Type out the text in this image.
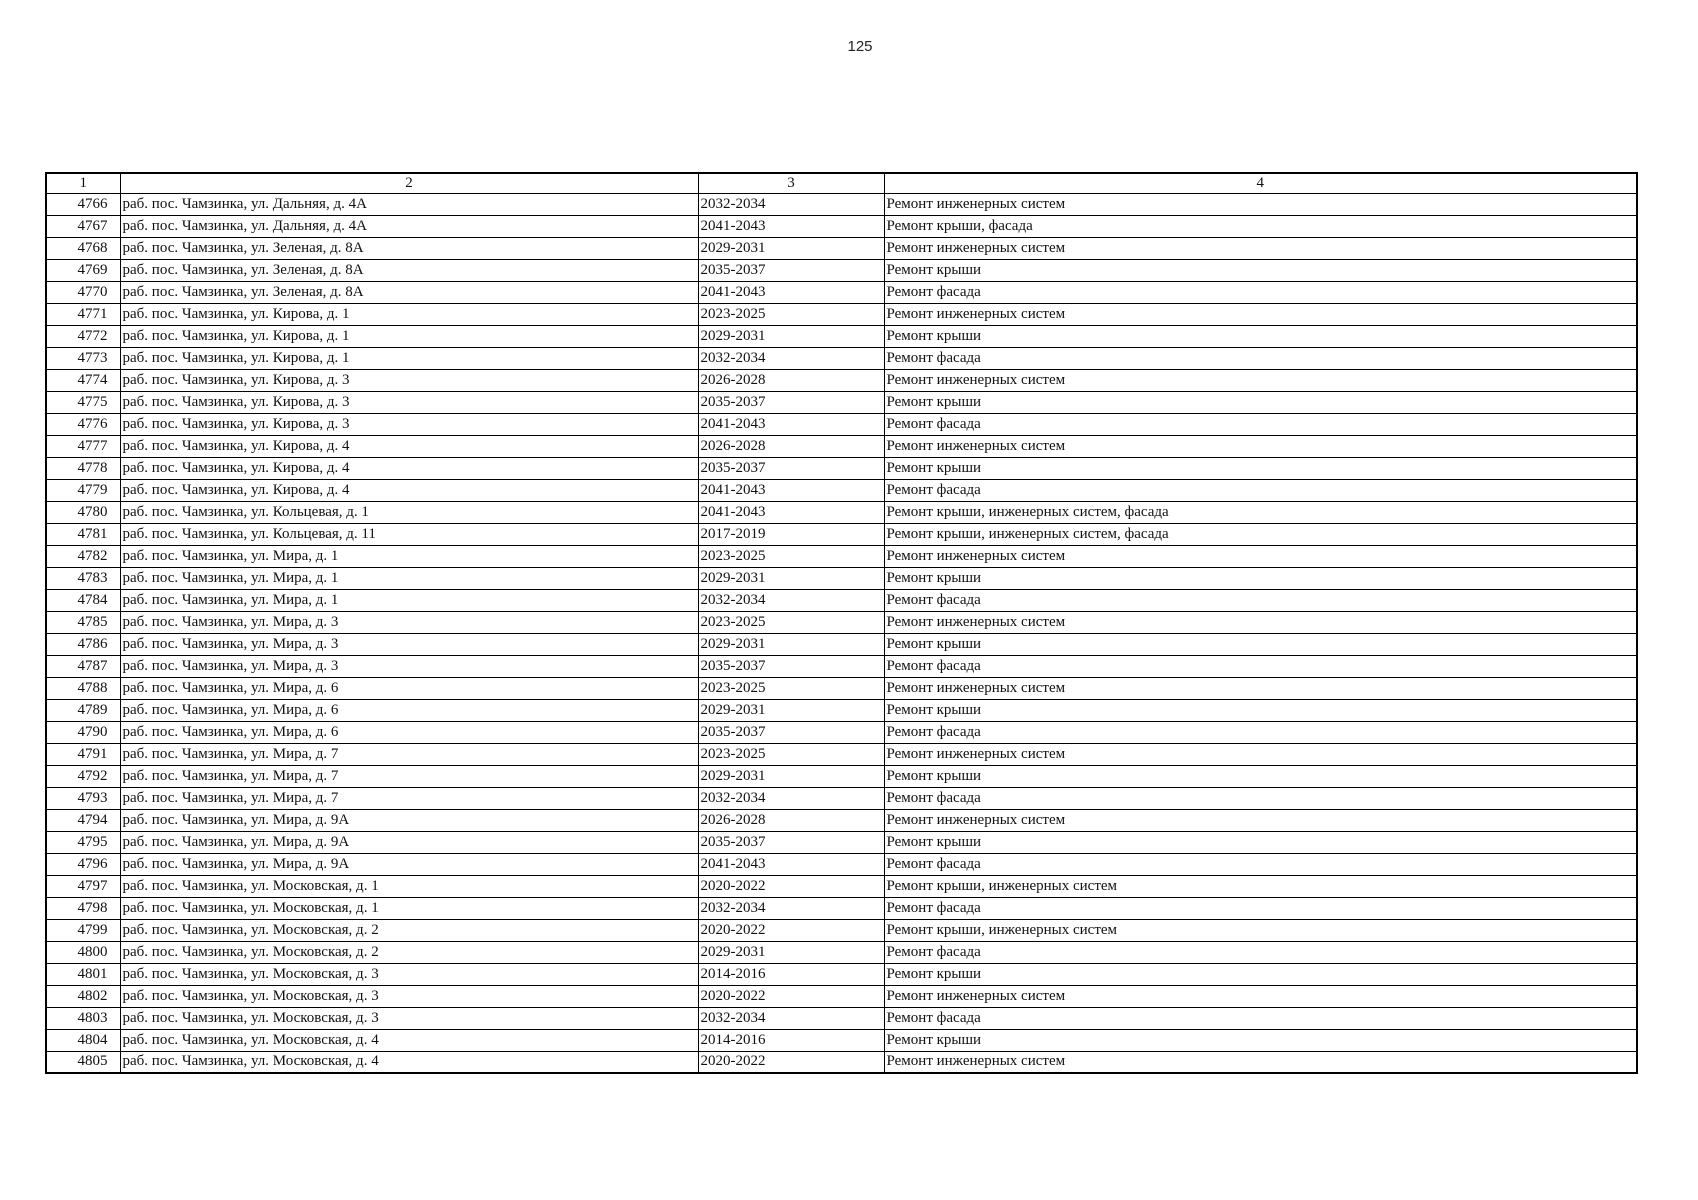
125
1	2	3	4
4766	раб. пос. Чамзинка, ул. Дальняя, д. 4А	2032-2034	Ремонт инженерных систем
4767	раб. пос. Чамзинка, ул. Дальняя, д. 4А	2041-2043	Ремонт крыши, фасада
4768	раб. пос. Чамзинка, ул. Зеленая, д. 8А	2029-2031	Ремонт инженерных систем
4769	раб. пос. Чамзинка, ул. Зеленая, д. 8А	2035-2037	Ремонт крыши
4770	раб. пос. Чамзинка, ул. Зеленая, д. 8А	2041-2043	Ремонт фасада
4771	раб. пос. Чамзинка, ул. Кирова, д. 1	2023-2025	Ремонт инженерных систем
4772	раб. пос. Чамзинка, ул. Кирова, д. 1	2029-2031	Ремонт крыши
4773	раб. пос. Чамзинка, ул. Кирова, д. 1	2032-2034	Ремонт фасада
4774	раб. пос. Чамзинка, ул. Кирова, д. 3	2026-2028	Ремонт инженерных систем
4775	раб. пос. Чамзинка, ул. Кирова, д. 3	2035-2037	Ремонт крыши
4776	раб. пос. Чамзинка, ул. Кирова, д. 3	2041-2043	Ремонт фасада
4777	раб. пос. Чамзинка, ул. Кирова, д. 4	2026-2028	Ремонт инженерных систем
4778	раб. пос. Чамзинка, ул. Кирова, д. 4	2035-2037	Ремонт крыши
4779	раб. пос. Чамзинка, ул. Кирова, д. 4	2041-2043	Ремонт фасада
4780	раб. пос. Чамзинка, ул. Кольцевая, д. 1	2041-2043	Ремонт крыши, инженерных систем, фасада
4781	раб. пос. Чамзинка, ул. Кольцевая, д. 11	2017-2019	Ремонт крыши, инженерных систем, фасада
4782	раб. пос. Чамзинка, ул. Мира, д. 1	2023-2025	Ремонт инженерных систем
4783	раб. пос. Чамзинка, ул. Мира, д. 1	2029-2031	Ремонт крыши
4784	раб. пос. Чамзинка, ул. Мира, д. 1	2032-2034	Ремонт фасада
4785	раб. пос. Чамзинка, ул. Мира, д. 3	2023-2025	Ремонт инженерных систем
4786	раб. пос. Чамзинка, ул. Мира, д. 3	2029-2031	Ремонт крыши
4787	раб. пос. Чамзинка, ул. Мира, д. 3	2035-2037	Ремонт фасада
4788	раб. пос. Чамзинка, ул. Мира, д. 6	2023-2025	Ремонт инженерных систем
4789	раб. пос. Чамзинка, ул. Мира, д. 6	2029-2031	Ремонт крыши
4790	раб. пос. Чамзинка, ул. Мира, д. 6	2035-2037	Ремонт фасада
4791	раб. пос. Чамзинка, ул. Мира, д. 7	2023-2025	Ремонт инженерных систем
4792	раб. пос. Чамзинка, ул. Мира, д. 7	2029-2031	Ремонт крыши
4793	раб. пос. Чамзинка, ул. Мира, д. 7	2032-2034	Ремонт фасада
4794	раб. пос. Чамзинка, ул. Мира, д. 9А	2026-2028	Ремонт инженерных систем
4795	раб. пос. Чамзинка, ул. Мира, д. 9А	2035-2037	Ремонт крыши
4796	раб. пос. Чамзинка, ул. Мира, д. 9А	2041-2043	Ремонт фасада
4797	раб. пос. Чамзинка, ул. Московская, д. 1	2020-2022	Ремонт крыши, инженерных систем
4798	раб. пос. Чамзинка, ул. Московская, д. 1	2032-2034	Ремонт фасада
4799	раб. пос. Чамзинка, ул. Московская, д. 2	2020-2022	Ремонт крыши, инженерных систем
4800	раб. пос. Чамзинка, ул. Московская, д. 2	2029-2031	Ремонт фасада
4801	раб. пос. Чамзинка, ул. Московская, д. 3	2014-2016	Ремонт крыши
4802	раб. пос. Чамзинка, ул. Московская, д. 3	2020-2022	Ремонт инженерных систем
4803	раб. пос. Чамзинка, ул. Московская, д. 3	2032-2034	Ремонт фасада
4804	раб. пос. Чамзинка, ул. Московская, д. 4	2014-2016	Ремонт крыши
4805	раб. пос. Чамзинка, ул. Московская, д. 4	2020-2022	Ремонт инженерных систем
